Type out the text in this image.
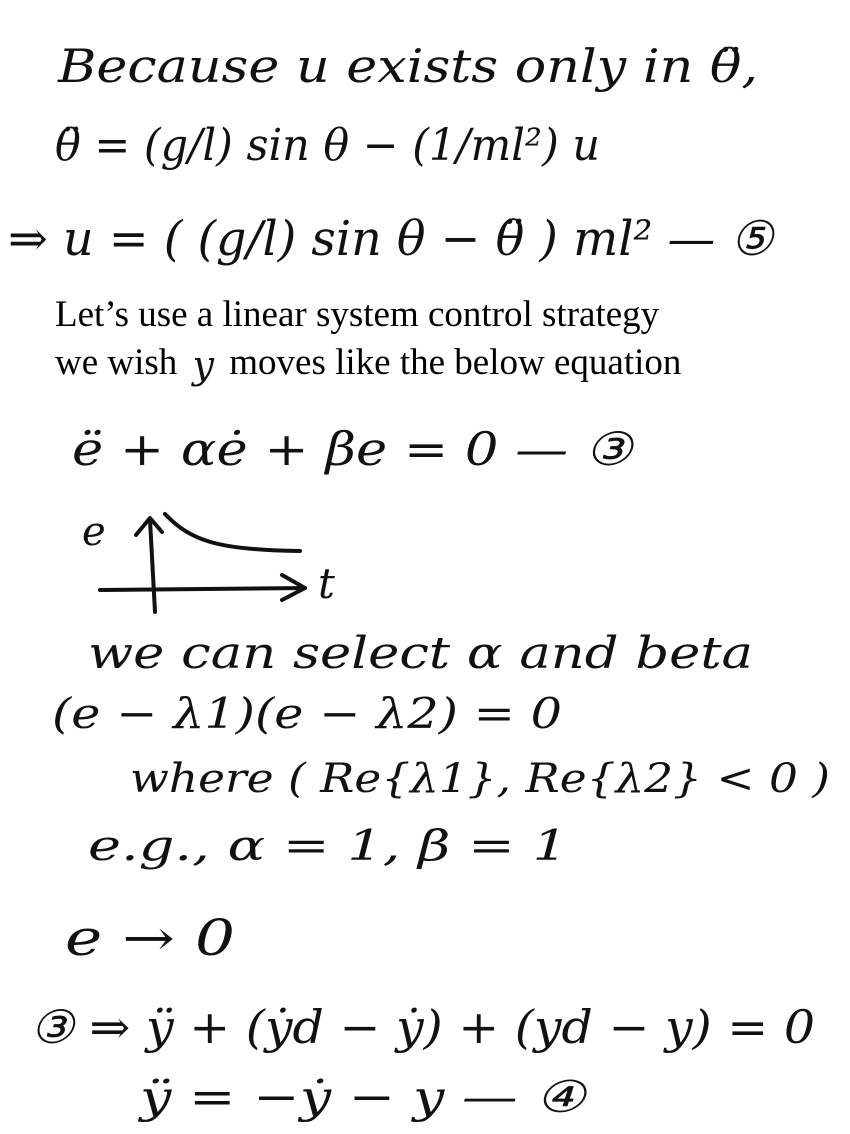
Because u exists only in θ̈,
θ̈ = (g/l) sin θ − (1/ml²) u
⇒ u = ( (g/l) sin θ − θ̈ ) ml² — ⑤
ë + αė + βe = 0 — ③
e
t
we can select α and beta
(e − λ1)(e − λ2) = 0
where ( Re{λ1}, Re{λ2} < 0 )
e.g., α = 1, β = 1
e → 0
③ ⇒ ÿ + (ẏd − ẏ) + (yd − y) = 0
ÿ = −ẏ − y — ④
Let’s use a linear system control strategy
we wish y moves like the below equation
